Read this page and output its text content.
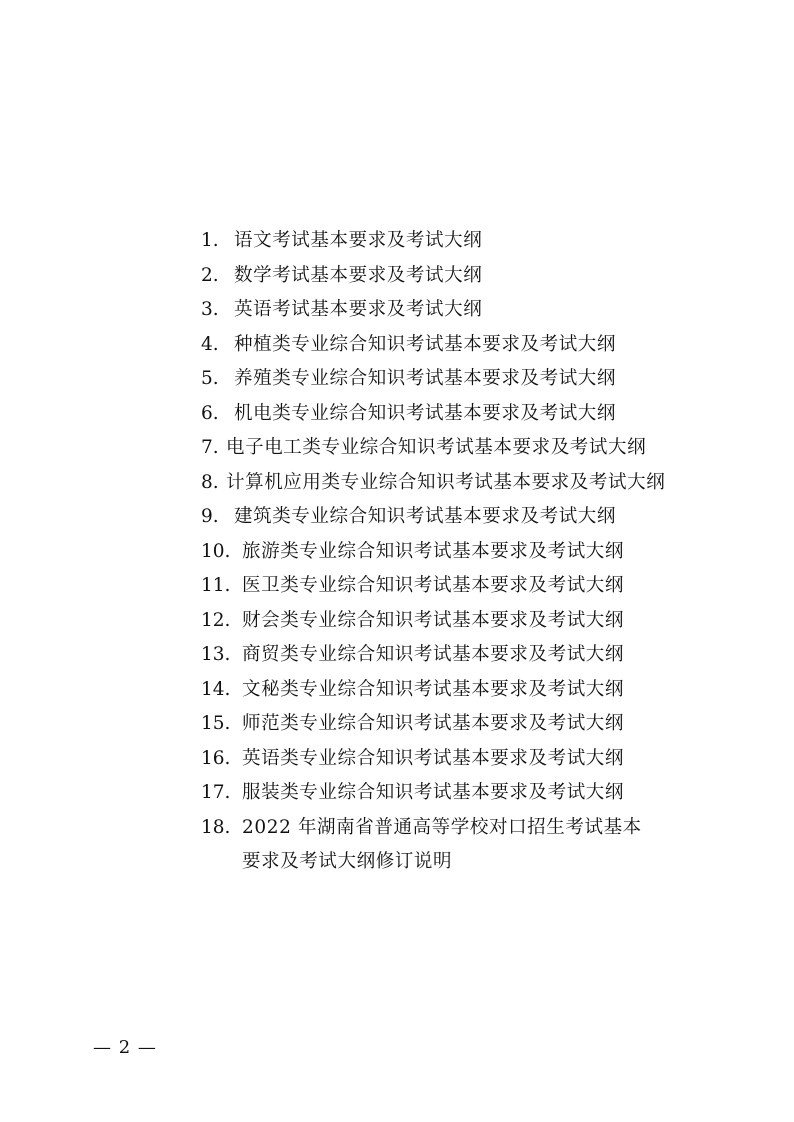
1. 语文考试基本要求及考试大纲
2. 数学考试基本要求及考试大纲
3. 英语考试基本要求及考试大纲
4. 种植类专业综合知识考试基本要求及考试大纲
5. 养殖类专业综合知识考试基本要求及考试大纲
6. 机电类专业综合知识考试基本要求及考试大纲
7. 电子电工类专业综合知识考试基本要求及考试大纲
8. 计算机应用类专业综合知识考试基本要求及考试大纲
9. 建筑类专业综合知识考试基本要求及考试大纲
10. 旅游类专业综合知识考试基本要求及考试大纲
11. 医卫类专业综合知识考试基本要求及考试大纲
12. 财会类专业综合知识考试基本要求及考试大纲
13. 商贸类专业综合知识考试基本要求及考试大纲
14. 文秘类专业综合知识考试基本要求及考试大纲
15. 师范类专业综合知识考试基本要求及考试大纲
16. 英语类专业综合知识考试基本要求及考试大纲
17. 服装类专业综合知识考试基本要求及考试大纲
18. 2022 年湖南省普通高等学校对口招生考试基本
要求及考试大纲修订说明
— 2 —
